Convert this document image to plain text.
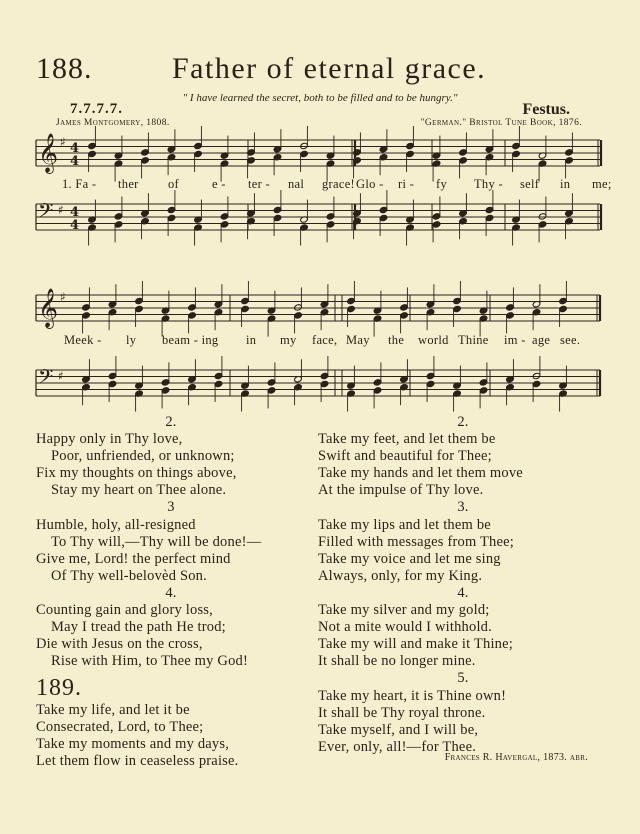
188.	Father of eternal grace.
" I have learned the secret, both to be filled and to be hungry."
7.7.7.7.	Festus.
James Montgomery, 1808.	"German." Bristol Tune Book, 1876.
𝄞 ♯ 4
4
𝄢 ♯ 4
4
𝄞 ♯
𝄢 ♯
1. Fa - ther of	e - ter - nal grace! Glo - ri - fy Thy - self in me;
Meek - ly beam - ing in my face, May the world Thine im - age see.
2.
Happy only in Thy love,
Poor, unfriended, or unknown;
Fix my thoughts on things above,
Stay my heart on Thee alone.
3
Humble, holy, all-resigned
To Thy will,—Thy will be done!—
Give me, Lord! the perfect mind
Of Thy well-belovèd Son.
4.
Counting gain and glory loss,
May I tread the path He trod;
Die with Jesus on the cross,
Rise with Him, to Thee my God!
189.
Take my life, and let it be
Consecrated, Lord, to Thee;
Take my moments and my days,
Let them flow in ceaseless praise.
2.
Take my feet, and let them be
Swift and beautiful for Thee;
Take my hands and let them move
At the impulse of Thy love.
3.
Take my lips and let them be
Filled with messages from Thee;
Take my voice and let me sing
Always, only, for my King.
4.
Take my silver and my gold;
Not a mite would I withhold.
Take my will and make it Thine;
It shall be no longer mine.
5.
Take my heart, it is Thine own!
It shall be Thy royal throne.
Take myself, and I will be,
Ever, only, all!—for Thee.
Frances R. Havergal, 1873. abr.
